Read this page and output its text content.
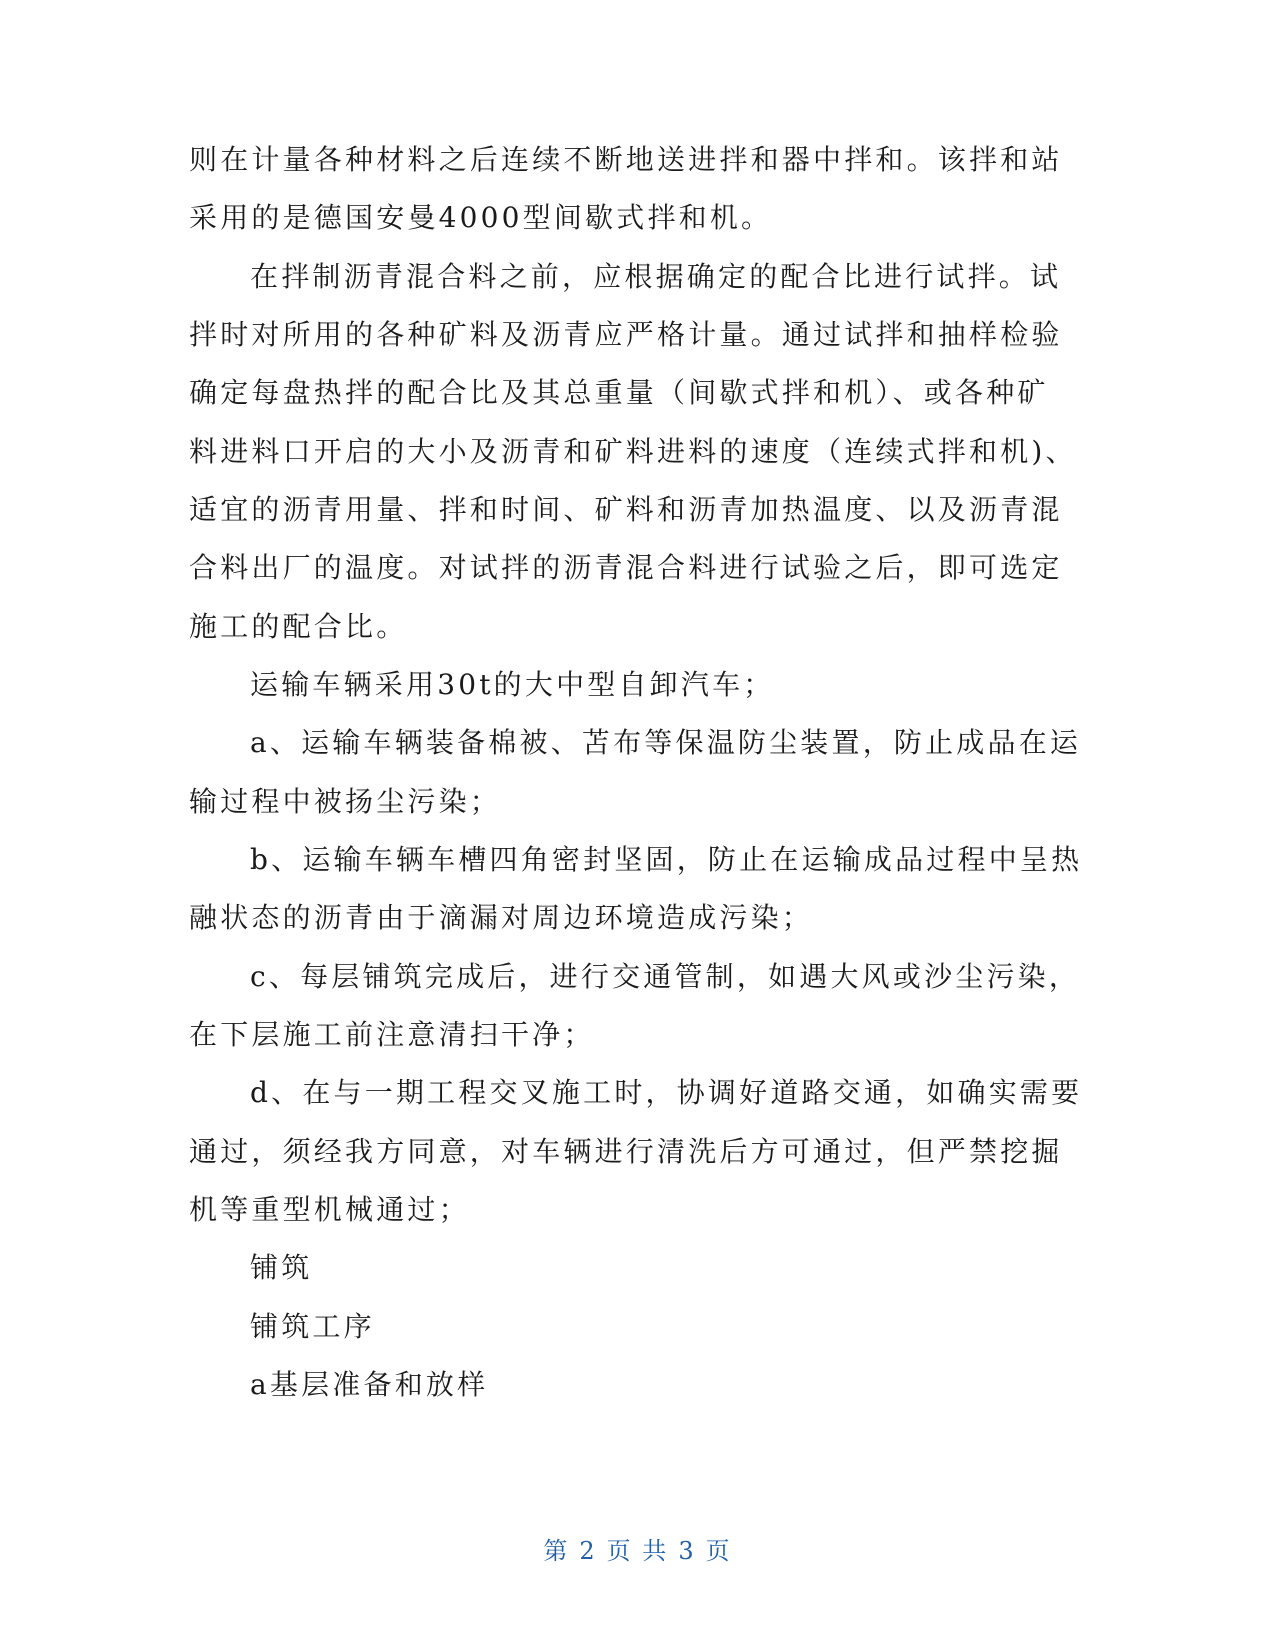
则在计量各种材料之后连续不断地送进拌和器中拌和。该拌和站
采用的是德国安曼4000型间歇式拌和机。
在拌制沥青混合料之前，应根据确定的配合比进行试拌。试
拌时对所用的各种矿料及沥青应严格计量。通过试拌和抽样检验
确定每盘热拌的配合比及其总重量（间歇式拌和机）、或各种矿
料进料口开启的大小及沥青和矿料进料的速度（连续式拌和机)、
适宜的沥青用量、拌和时间、矿料和沥青加热温度、以及沥青混
合料出厂的温度。对试拌的沥青混合料进行试验之后，即可选定
施工的配合比。
运输车辆采用30t的大中型自卸汽车；
a、运输车辆装备棉被、苫布等保温防尘装置，防止成品在运
输过程中被扬尘污染；
b、运输车辆车槽四角密封坚固，防止在运输成品过程中呈热
融状态的沥青由于滴漏对周边环境造成污染；
c、每层铺筑完成后，进行交通管制，如遇大风或沙尘污染，
在下层施工前注意清扫干净；
d、在与一期工程交叉施工时，协调好道路交通，如确实需要
通过，须经我方同意，对车辆进行清洗后方可通过，但严禁挖掘
机等重型机械通过；
铺筑
铺筑工序
a基层准备和放样
第 2 页 共 3 页
